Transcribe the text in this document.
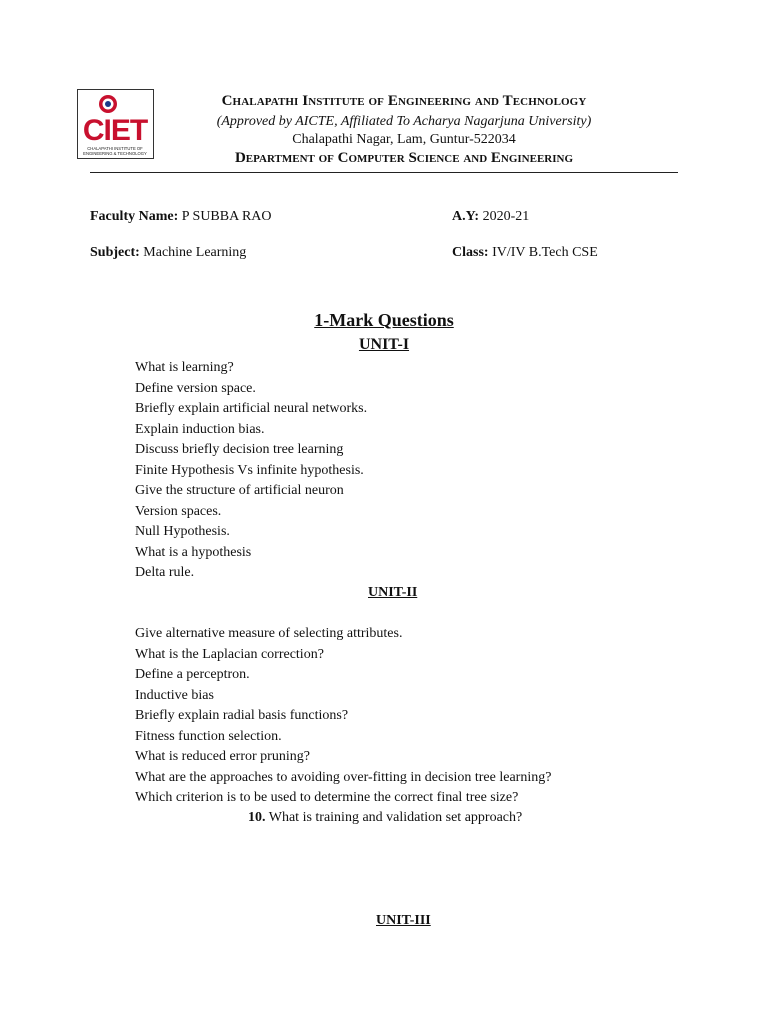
CIET
CHALAPATHI INSTITUTE OF
ENGINEERING & TECHNOLOGY
Chalapathi Institute of Engineering and Technology
(Approved by AICTE, Affiliated To Acharya Nagarjuna University)
Chalapathi Nagar, Lam, Guntur-522034
Department of Computer Science and Engineering
Faculty Name: P SUBBA RAO	A.Y: 2020-21
Subject: Machine Learning	Class: IV/IV B.Tech CSE
1-Mark Questions
UNIT-I
What is learning?
Define version space.
Briefly explain artificial neural networks.
Explain induction bias.
Discuss briefly decision tree learning
Finite Hypothesis Vs infinite hypothesis.
Give the structure of artificial neuron
Version spaces.
Null Hypothesis.
What is a hypothesis
Delta rule.
UNIT-II
Give alternative measure of selecting attributes.
What is the Laplacian correction?
Define a perceptron.
Inductive bias
Briefly explain radial basis functions?
Fitness function selection.
What is reduced error pruning?
What are the approaches to avoiding over-fitting in decision tree learning?
Which criterion is to be used to determine the correct final tree size?
10. What is training and validation set approach?
UNIT-III
